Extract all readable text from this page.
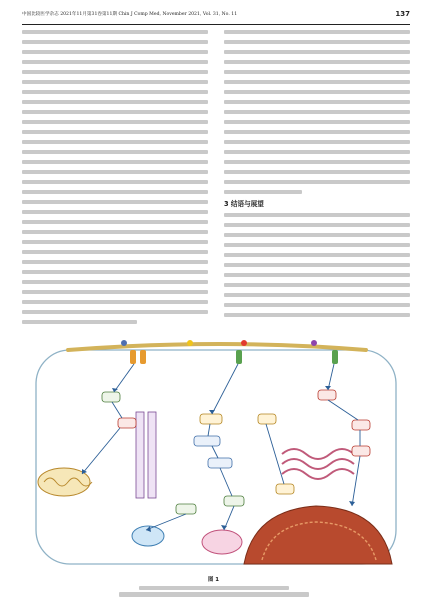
中国比较医学杂志 2021年11月第31卷第11期 Chin J Comp Med, November 2021, Vol. 31, No. 11	137
3 结语与展望
图 1
